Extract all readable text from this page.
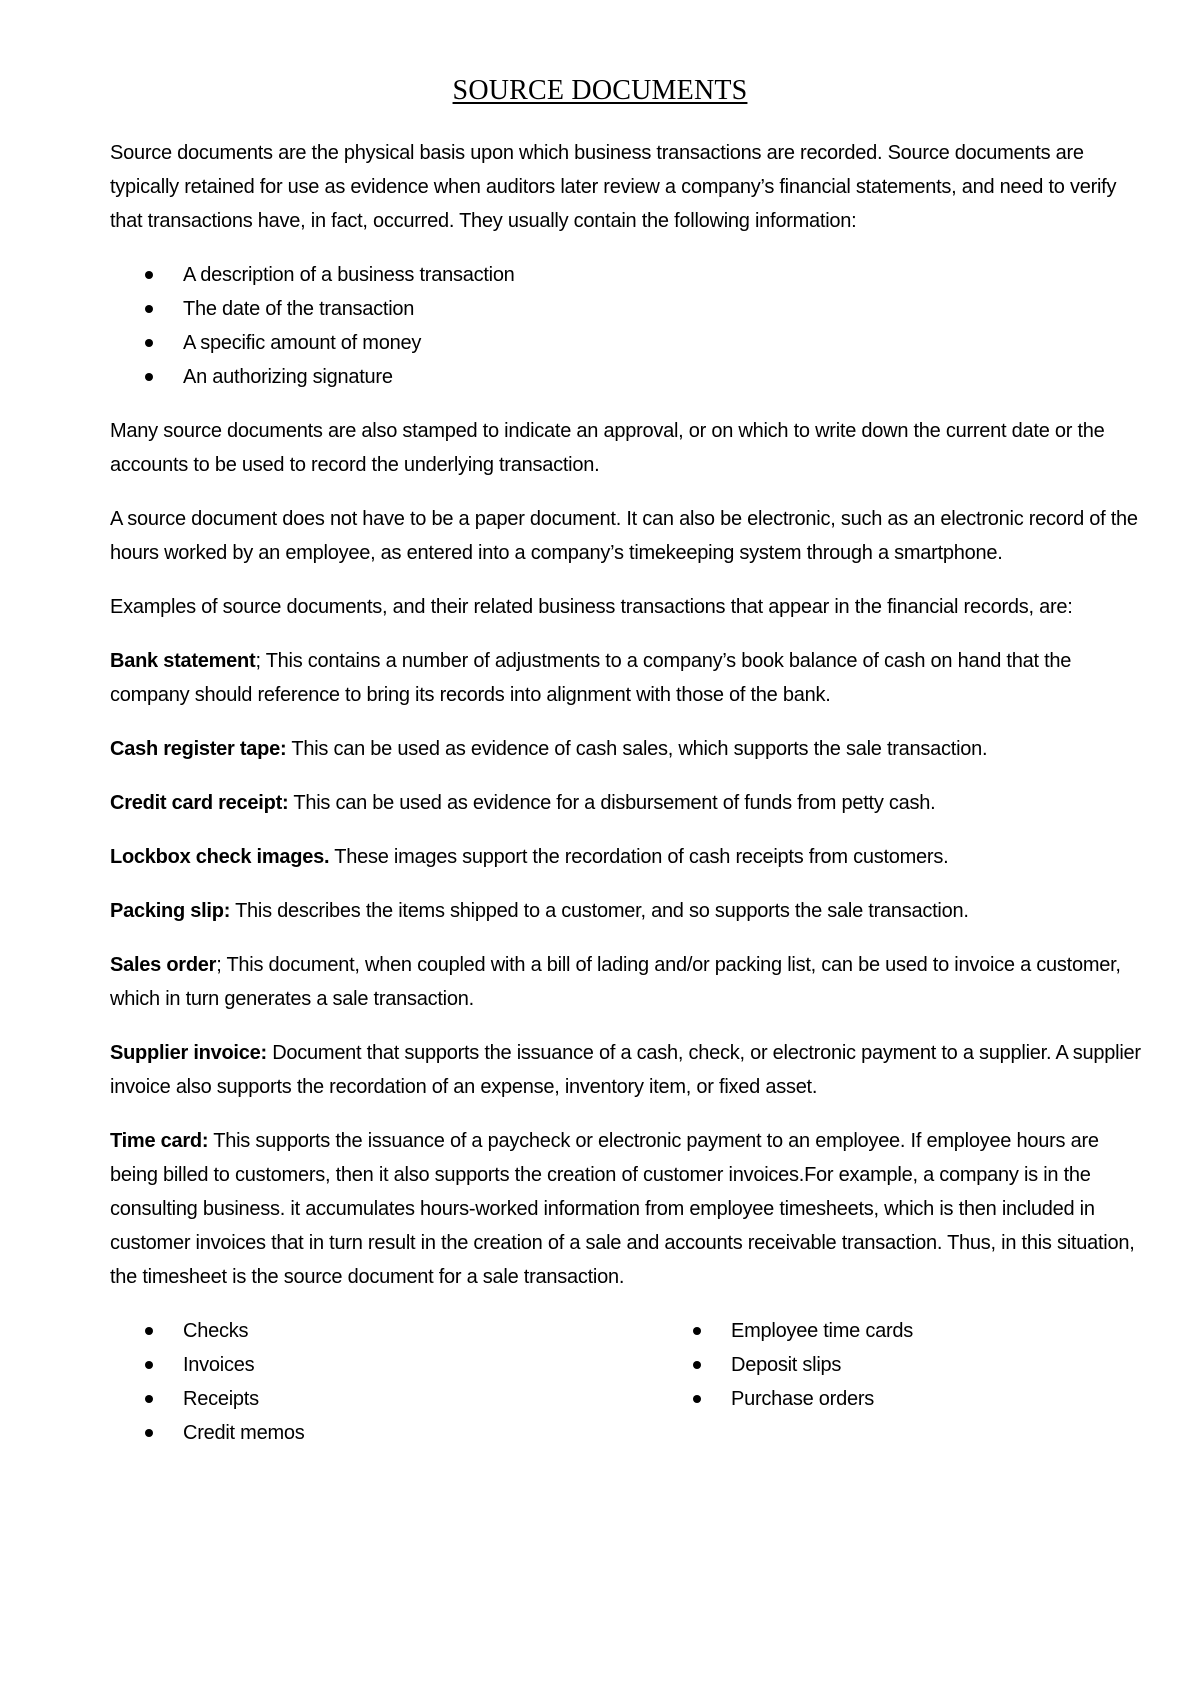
SOURCE DOCUMENTS

Source documents are the physical basis upon which business transactions are recorded. Source documents are typically retained for use as evidence when auditors later review a company’s financial statements, and need to verify that transactions have, in fact, occurred. They usually contain the following information:

A description of a business transaction
The date of the transaction
A specific amount of money
An authorizing signature

Many source documents are also stamped to indicate an approval, or on which to write down the current date or the accounts to be used to record the underlying transaction.

A source document does not have to be a paper document. It can also be electronic, such as an electronic record of the hours worked by an employee, as entered into a company’s timekeeping system through a smartphone.

Examples of source documents, and their related business transactions that appear in the financial records, are:

Bank statement; This contains a number of adjustments to a company’s book balance of cash on hand that the company should reference to bring its records into alignment with those of the bank.

Cash register tape: This can be used as evidence of cash sales, which supports the sale transaction.

Credit card receipt: This can be used as evidence for a disbursement of funds from petty cash.

Lockbox check images. These images support the recordation of cash receipts from customers.

Packing slip: This describes the items shipped to a customer, and so supports the sale transaction.

Sales order; This document, when coupled with a bill of lading and/or packing list, can be used to invoice a customer, which in turn generates a sale transaction.

Supplier invoice: Document that supports the issuance of a cash, check, or electronic payment to a supplier. A supplier invoice also supports the recordation of an expense, inventory item, or fixed asset.

Time card: This supports the issuance of a paycheck or electronic payment to an employee. If employee hours are being billed to customers, then it also supports the creation of customer invoices.For example, a company is in the consulting business. it accumulates hours-worked information from employee timesheets, which is then included in customer invoices that in turn result in the creation of a sale and accounts receivable transaction. Thus, in this situation, the timesheet is the source document for a sale transaction.

Checks
Invoices
Receipts
Credit memos
Employee time cards
Deposit slips
Purchase orders
